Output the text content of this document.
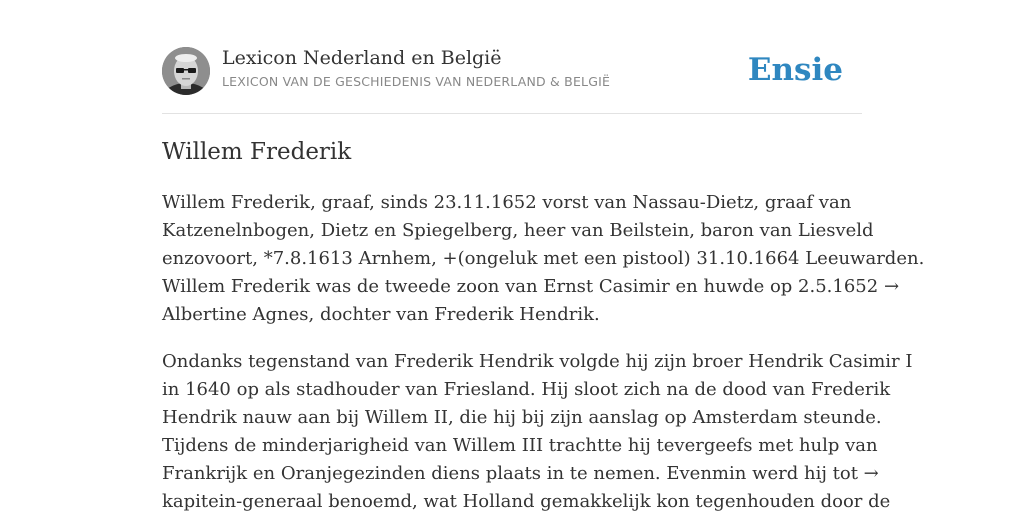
Lexicon Nederland en België
LEXICON VAN DE GESCHIEDENIS VAN NEDERLAND & BELGIË	Ensie
Willem Frederik

Willem Frederik, graaf, sinds 23.11.1652 vorst van Nassau-Dietz, graaf van
Katzenelnbogen, Dietz en Spiegelberg, heer van Beilstein, baron van Liesveld
enzovoort, *7.8.1613 Arnhem, +(ongeluk met een pistool) 31.10.1664 Leeuwarden.
Willem Frederik was de tweede zoon van Ernst Casimir en huwde op 2.5.1652 →
Albertine Agnes, dochter van Frederik Hendrik.

Ondanks tegenstand van Frederik Hendrik volgde hij zijn broer Hendrik Casimir I
in 1640 op als stadhouder van Friesland. Hij sloot zich na de dood van Frederik
Hendrik nauw aan bij Willem II, die hij bij zijn aanslag op Amsterdam steunde.
Tijdens de minderjarigheid van Willem III trachtte hij tevergeefs met hulp van
Frankrijk en Oranjegezinden diens plaats in te nemen. Evenmin werd hij tot →
kapitein-generaal benoemd, wat Holland gemakkelijk kon tegenhouden door de
